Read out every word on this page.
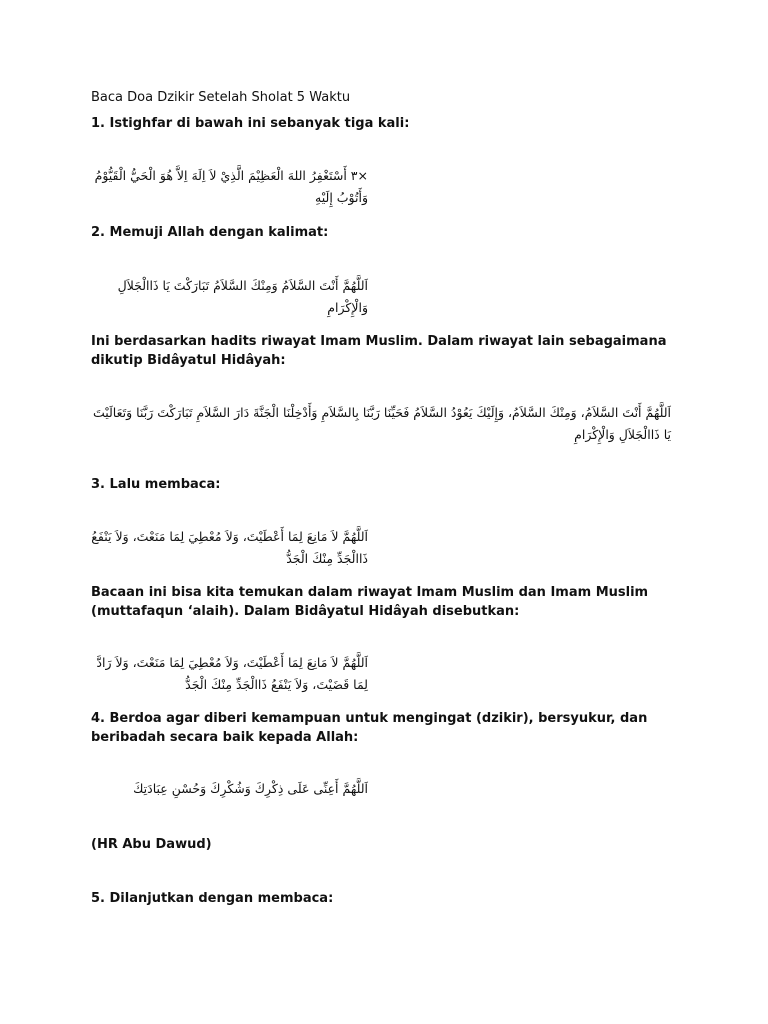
Baca Doa Dzikir Setelah Sholat 5 Waktu
1. Istighfar di bawah ini sebanyak tiga kali:
×٣ أَسْتَغْفِرُ اللهَ الْعَظِيْمَ الَّذِيْ لاَ اِلَهَ اِلاَّ هُوَ الْحَيُّ الْقَيُّوْمُ وَأَتُوْبُ إِلَيْهِ
2. Memuji Allah dengan kalimat:
اَللَّهُمَّ أَنْتَ السَّلاَمُ وَمِنْكَ السَّلاَمُ تَبَارَكْتَ يَا ذَاالْجَلاَلِ وَالْإِكْرَامِ
Ini berdasarkan hadits riwayat Imam Muslim. Dalam riwayat lain sebagaimana dikutip Bidâyatul Hidâyah:
اَللَّهُمَّ أَنْتَ السَّلاَمُ، وَمِنْكَ السَّلاَمُ، وَإِلَيْكَ يَعُوْدُ السَّلاَمُ فَحَيِّنَا رَبَّنَا بِالسَّلاَمِ وَأَدْخِلْنَا الْجَنَّةَ دَارَ السَّلاَمِ تَبَارَكْتَ رَبَّنَا وَتَعَالَيْتَ يَا ذَاالْجَلاَلِ وَالْإِكْرَامِ
3. Lalu membaca:
اَللَّهُمَّ لاَ مَانِعَ لِمَا أَعْطَيْتَ، وَلاَ مُعْطِيَ لِمَا مَنَعْتَ، وَلاَ يَنْفَعُ ذَاالْجَدِّ مِنْكَ الْجَدُّ
Bacaan ini bisa kita temukan dalam riwayat Imam Muslim dan Imam Muslim (muttafaqun ‘alaih). Dalam Bidâyatul Hidâyah disebutkan:
اَللَّهُمَّ لاَ مَانِعَ لِمَا أَعْطَيْتَ، وَلاَ مُعْطِيَ لِمَا مَنَعْتَ، وَلاَ رَادَّ لِمَا قَضَيْتَ، وَلاَ يَنْفَعُ ذَاالْجَدِّ مِنْكَ الْجَدُّ
4. Berdoa agar diberi kemampuan untuk mengingat (dzikir), bersyukur, dan beribadah secara baik kepada Allah:
اَللَّهُمَّ أَعِنِّى عَلَى ذِكْرِكَ وَشُكْرِكَ وَحُسْنِ عِبَادَتِكَ
(HR Abu Dawud)
5. Dilanjutkan dengan membaca:
